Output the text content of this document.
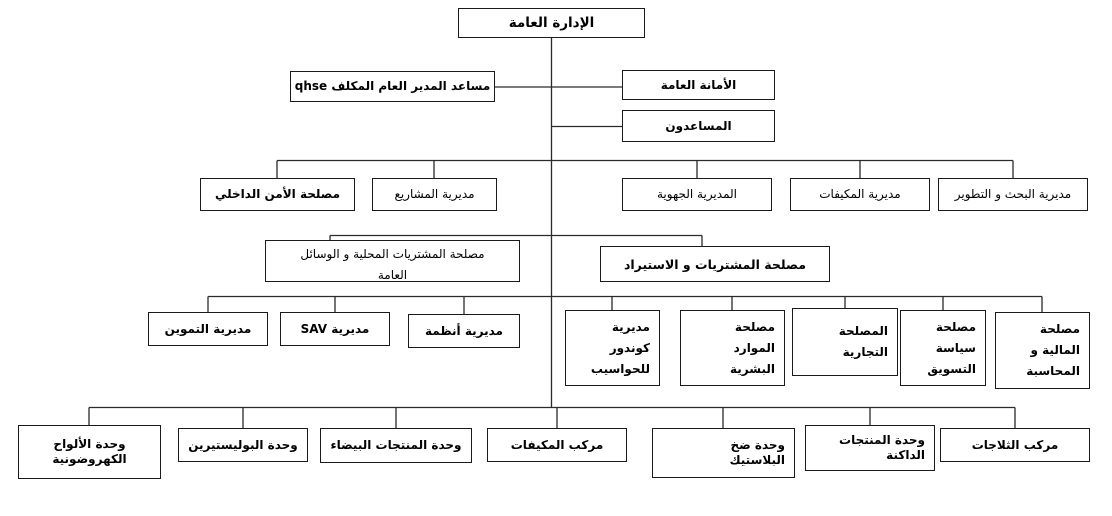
الإدارة العامة
مساعد المدير العام المكلف qhse	الأمانة العامة
المساعدون
مصلحة الأمن الداخلي	مديرية المشاريع	المديرية الجهوية	مديرية المكيفات	مديرية البحث و التطوير
مصلحة المشتريات المحلية و الوسائل
العامة
مصلحة المشتريات و الاستيراد
مديرية التموين	مديرية SAV	مديرية أنظمة	مديرية
كوندور
للحواسيب
مصلحة
الموارد
البشرية
المصلحة
التجارية
مصلحة
سياسة
التسويق
مصلحة
المالية و
المحاسبة
وحدة الألواح
الكهروضونية
وحدة البوليستيرين	وحدة المنتجات البيضاء	مركب المكيفات	وحدة ضخ
البلاستيك
وحدة المنتجات
الداكنة
مركب الثلاجات
